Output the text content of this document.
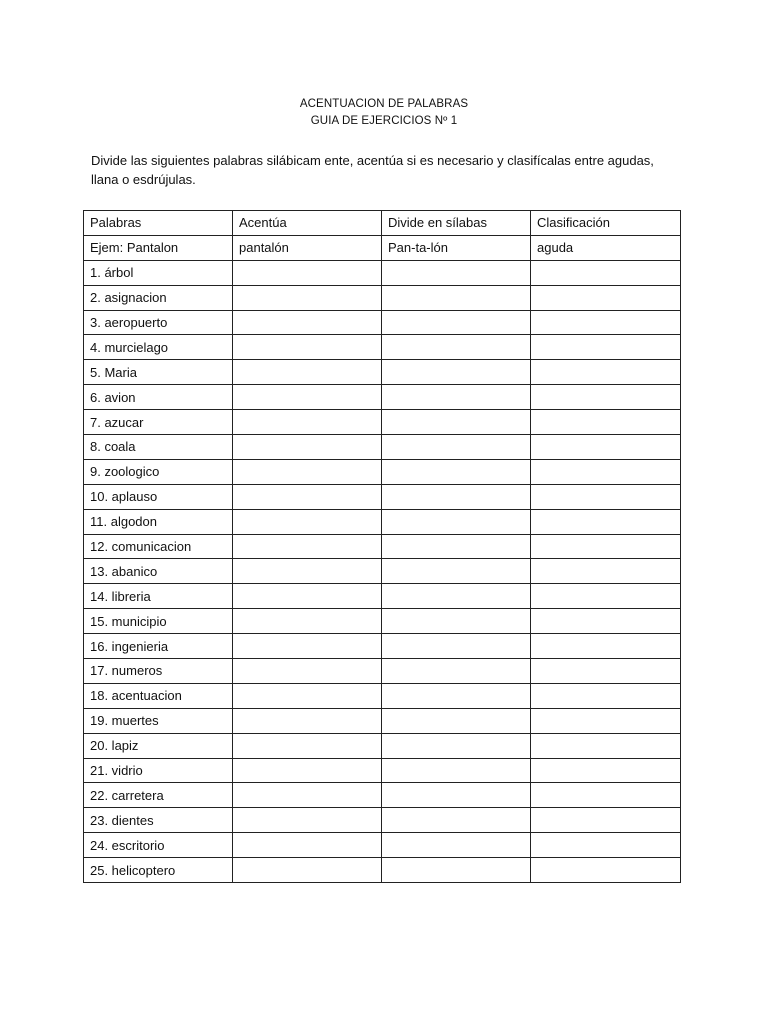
ACENTUACION DE PALABRAS
GUIA DE EJERCICIOS Nº 1
Divide las siguientes palabras silábicam ente, acentúa si es necesario y clasifícalas entre agudas, llana o esdrújulas.
Palabras	Acentúa	Divide en sílabas	Clasificación
Ejem: Pantalon	pantalón	Pan-ta-lón	aguda
1. árbol			
2. asignacion			
3. aeropuerto			
4. murcielago			
5. Maria			
6. avion			
7. azucar			
8. coala			
9. zoologico			
10. aplauso			
11. algodon			
12. comunicacion			
13. abanico			
14. libreria			
15. municipio			
16. ingenieria			
17. numeros			
18. acentuacion			
19. muertes			
20. lapiz			
21. vidrio			
22. carretera			
23. dientes			
24. escritorio			
25. helicoptero			
